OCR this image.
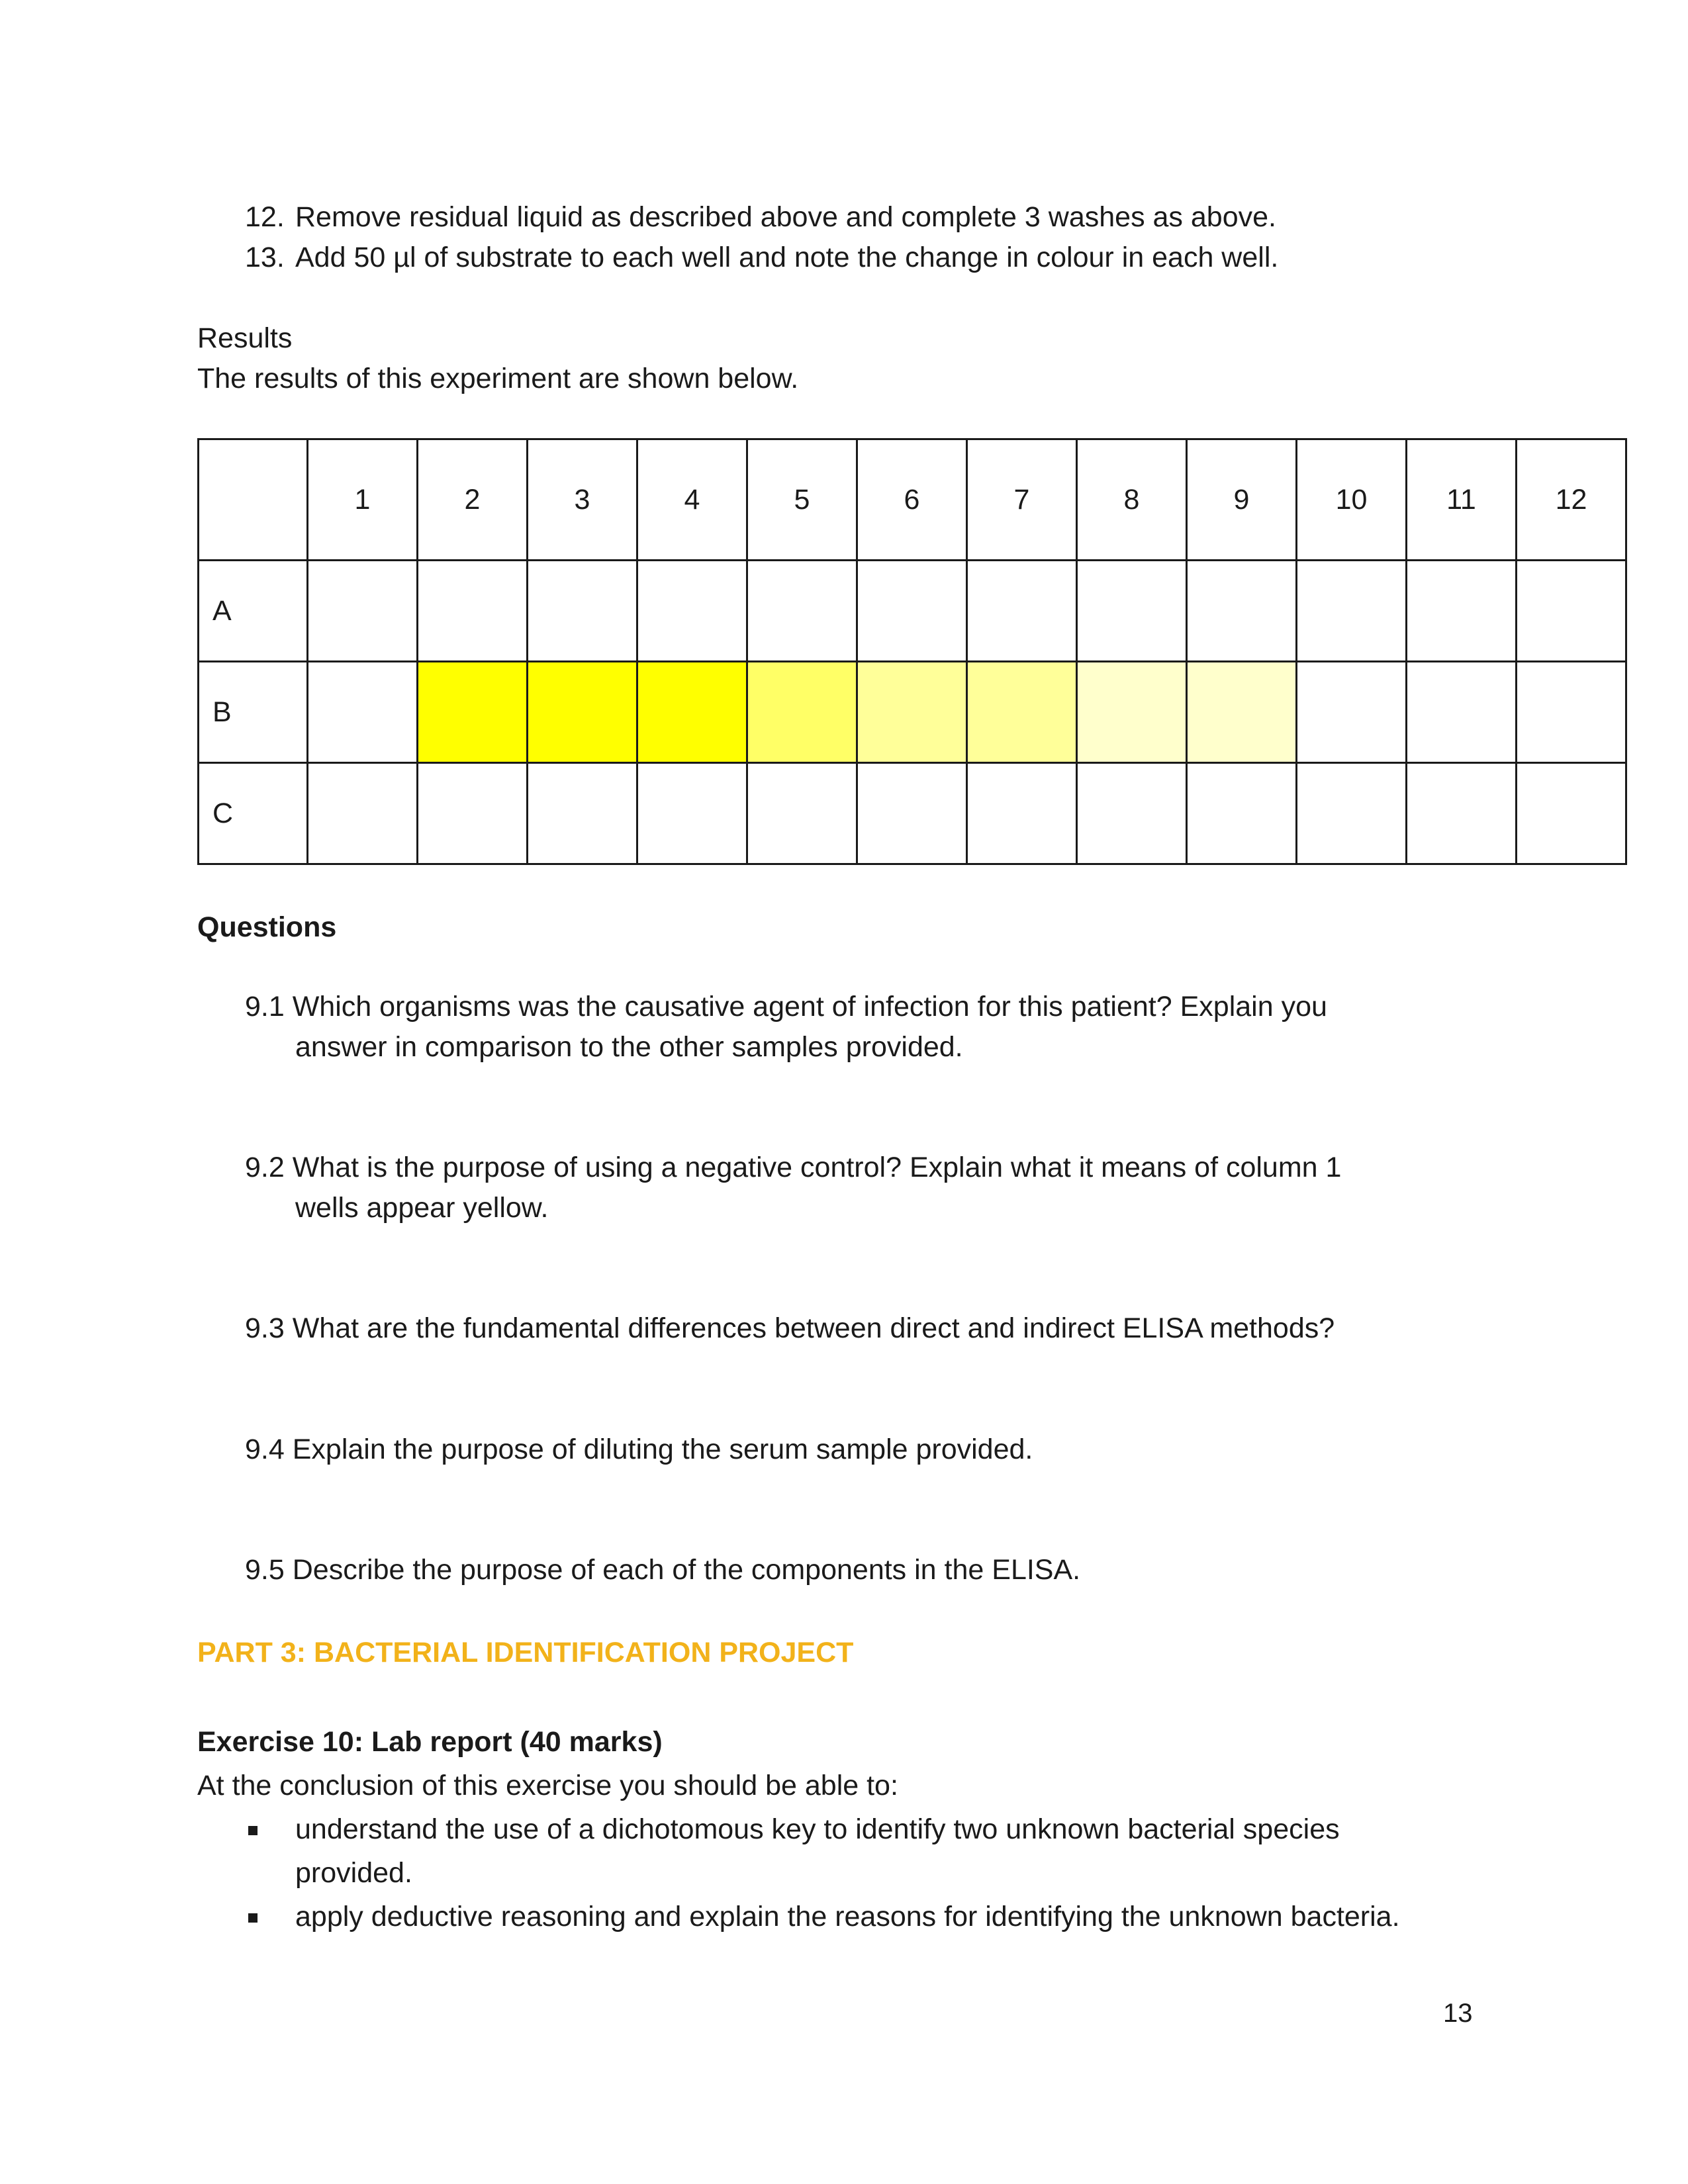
12. Remove residual liquid as described above and complete 3 washes as above.
13. Add 50 µl of substrate to each well and note the change in colour in each well.
Results
The results of this experiment are shown below.
	1	2	3	4	5	6	7	8	9	10	11	12
A												
B												
C												
Questions
9.1 Which organisms was the causative agent of infection for this patient? Explain you
answer in comparison to the other samples provided.
9.2 What is the purpose of using a negative control? Explain what it means of column 1
wells appear yellow.
9.3 What are the fundamental differences between direct and indirect ELISA methods?
9.4 Explain the purpose of diluting the serum sample provided.
9.5 Describe the purpose of each of the components in the ELISA.
PART 3: BACTERIAL IDENTIFICATION PROJECT
Exercise 10: Lab report (40 marks)
At the conclusion of this exercise you should be able to:
understand the use of a dichotomous key to identify two unknown bacterial species
provided.
apply deductive reasoning and explain the reasons for identifying the unknown bacteria.
13
